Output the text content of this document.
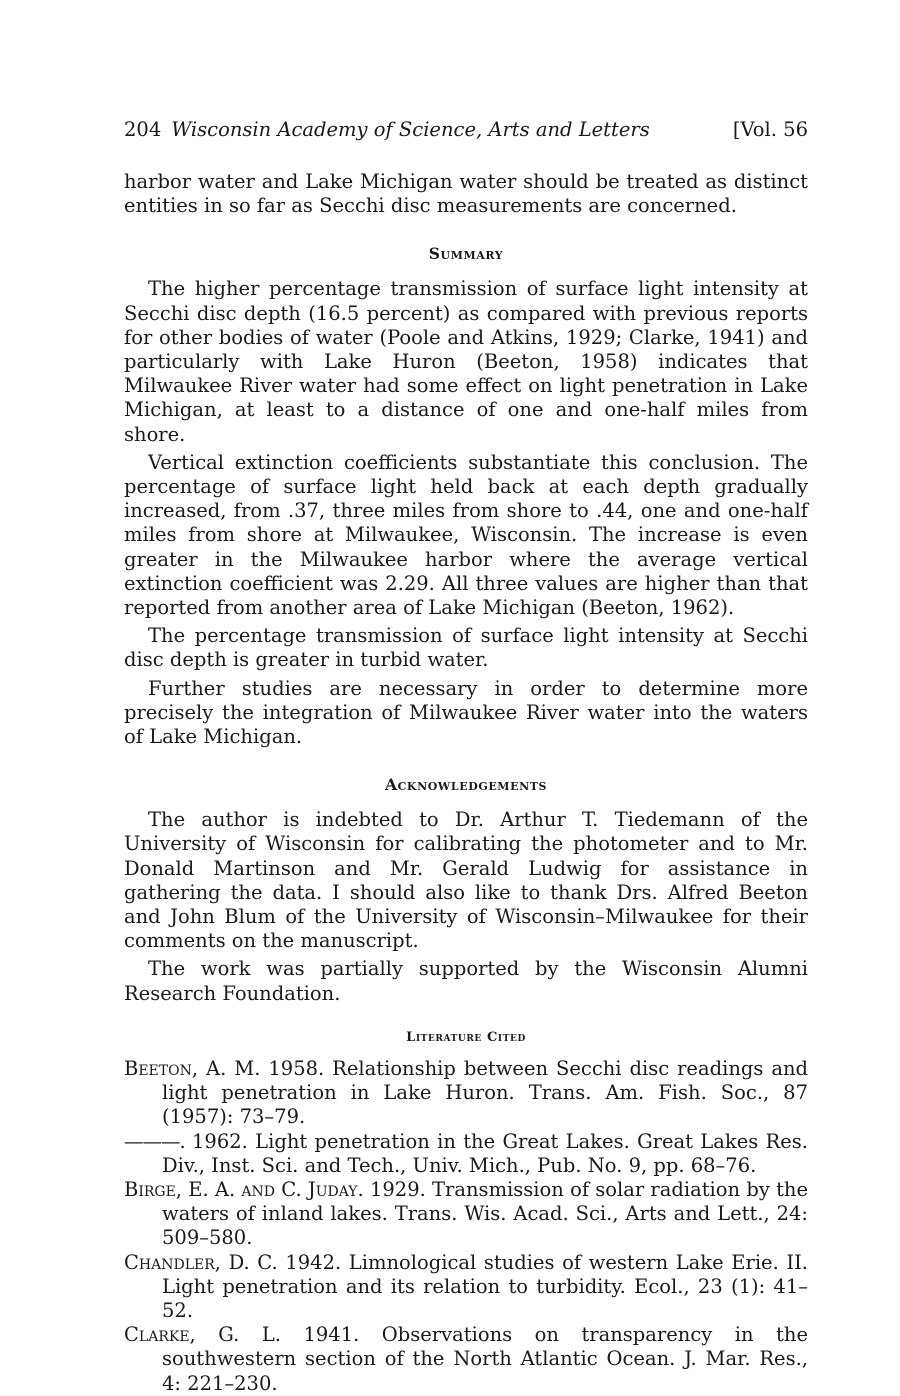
204 Wisconsin Academy of Science, Arts and Letters	[Vol. 56

harbor water and Lake Michigan water should be treated as distinct entities in so far as Secchi disc measurements are concerned.

Summary

The higher percentage transmission of surface light intensity at Secchi disc depth (16.5 percent) as compared with previous reports for other bodies of water (Poole and Atkins, 1929; Clarke, 1941) and particularly with Lake Huron (Beeton, 1958) indicates that Milwaukee River water had some effect on light penetration in Lake Michigan, at least to a distance of one and one-half miles from shore.

Vertical extinction coefficients substantiate this conclusion. The percentage of surface light held back at each depth gradually increased, from .37, three miles from shore to .44, one and one-half miles from shore at Milwaukee, Wisconsin. The increase is even greater in the Milwaukee harbor where the average vertical extinction coefficient was 2.29. All three values are higher than that reported from another area of Lake Michigan (Beeton, 1962).

The percentage transmission of surface light intensity at Secchi disc depth is greater in turbid water.

Further studies are necessary in order to determine more precisely the integration of Milwaukee River water into the waters of Lake Michigan.

Acknowledgements

The author is indebted to Dr. Arthur T. Tiedemann of the University of Wisconsin for calibrating the photometer and to Mr. Donald Martinson and Mr. Gerald Ludwig for assistance in gathering the data. I should also like to thank Drs. Alfred Beeton and John Blum of the University of Wisconsin–Milwaukee for their comments on the manuscript.

The work was partially supported by the Wisconsin Alumni Research Foundation.

Literature Cited

Beeton, A. M. 1958. Relationship between Secchi disc readings and light penetration in Lake Huron. Trans. Am. Fish. Soc., 87 (1957): 73–79.

———. 1962. Light penetration in the Great Lakes. Great Lakes Res. Div., Inst. Sci. and Tech., Univ. Mich., Pub. No. 9, pp. 68–76.

Birge, E. A. and C. Juday. 1929. Transmission of solar radiation by the waters of inland lakes. Trans. Wis. Acad. Sci., Arts and Lett., 24: 509–580.

Chandler, D. C. 1942. Limnological studies of western Lake Erie. II. Light penetration and its relation to turbidity. Ecol., 23 (1): 41–52.

Clarke, G. L. 1941. Observations on transparency in the southwestern section of the North Atlantic Ocean. J. Mar. Res., 4: 221–230.
